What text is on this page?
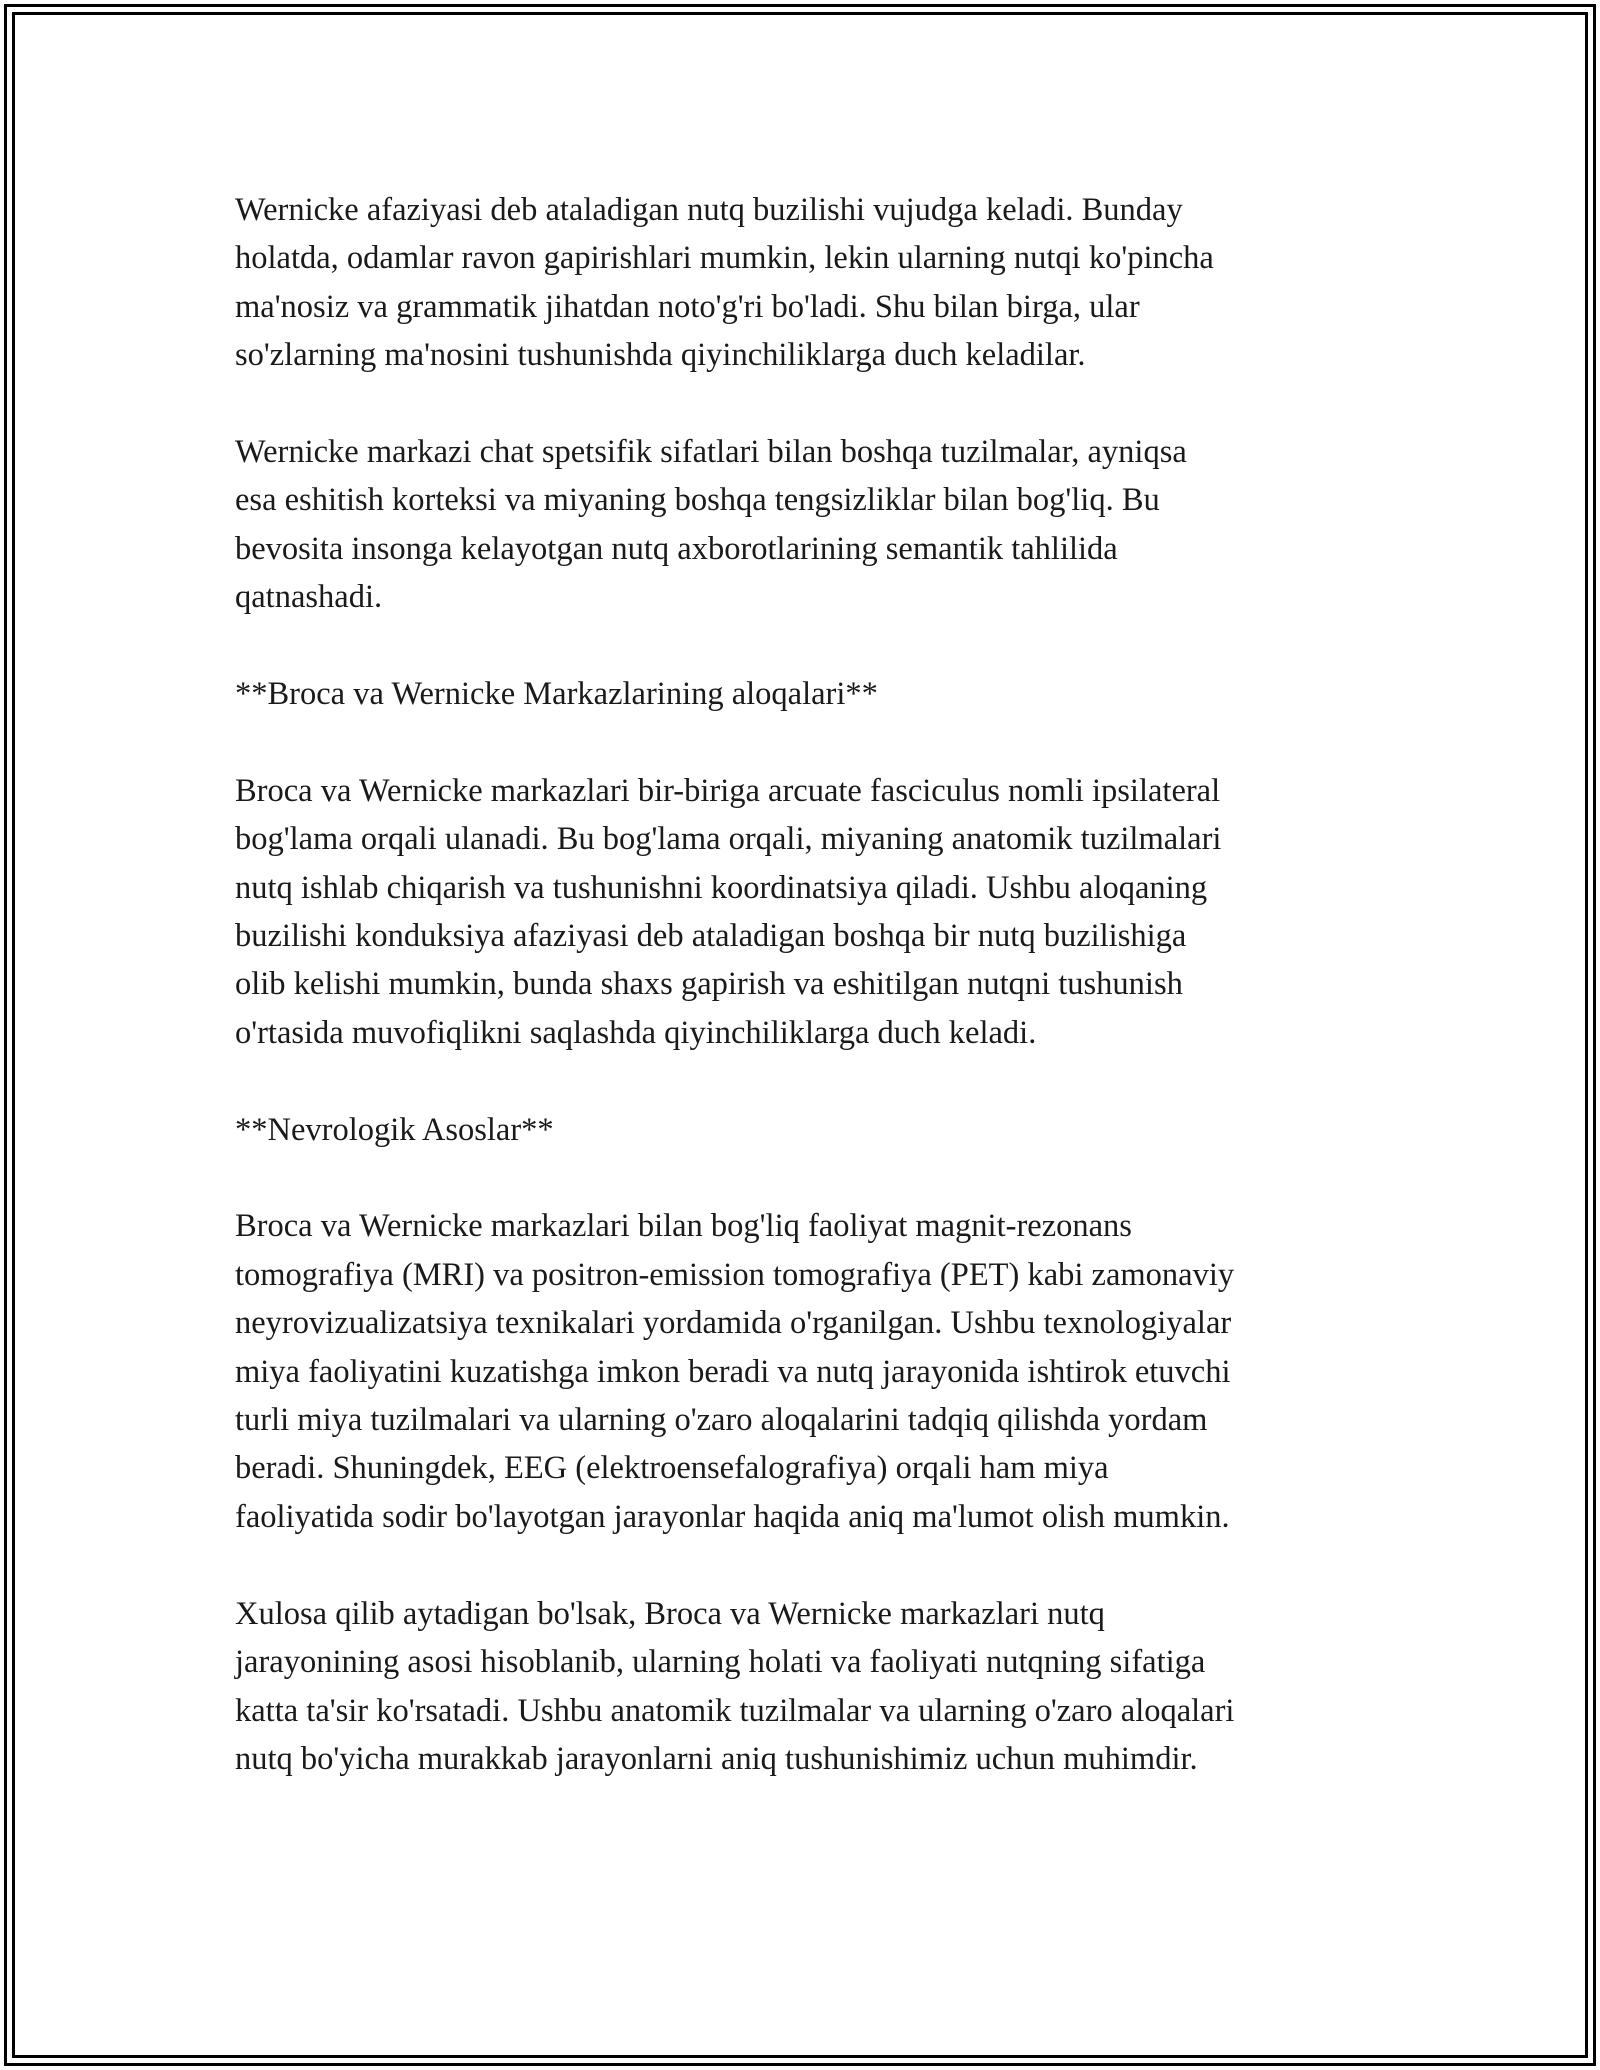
Wernicke afaziyasi deb ataladigan nutq buzilishi vujudga keladi. Bunday
holatda, odamlar ravon gapirishlari mumkin, lekin ularning nutqi ko'pincha
ma'nosiz va grammatik jihatdan noto'g'ri bo'ladi. Shu bilan birga, ular
so'zlarning ma'nosini tushunishda qiyinchiliklarga duch keladilar.

Wernicke markazi chat spetsifik sifatlari bilan boshqa tuzilmalar, ayniqsa
esa eshitish korteksi va miyaning boshqa tengsizliklar bilan bog'liq. Bu
bevosita insonga kelayotgan nutq axborotlarining semantik tahlilida
qatnashadi.

**Broca va Wernicke Markazlarining aloqalari**

Broca va Wernicke markazlari bir-biriga arcuate fasciculus nomli ipsilateral
bog'lama orqali ulanadi. Bu bog'lama orqali, miyaning anatomik tuzilmalari
nutq ishlab chiqarish va tushunishni koordinatsiya qiladi. Ushbu aloqaning
buzilishi konduksiya afaziyasi deb ataladigan boshqa bir nutq buzilishiga
olib kelishi mumkin, bunda shaxs gapirish va eshitilgan nutqni tushunish
o'rtasida muvofiqlikni saqlashda qiyinchiliklarga duch keladi.

**Nevrologik Asoslar**

Broca va Wernicke markazlari bilan bog'liq faoliyat magnit-rezonans
tomografiya (MRI) va positron-emission tomografiya (PET) kabi zamonaviy
neyrovizualizatsiya texnikalari yordamida o'rganilgan. Ushbu texnologiyalar
miya faoliyatini kuzatishga imkon beradi va nutq jarayonida ishtirok etuvchi
turli miya tuzilmalari va ularning o'zaro aloqalarini tadqiq qilishda yordam
beradi. Shuningdek, EEG (elektroensefalografiya) orqali ham miya
faoliyatida sodir bo'layotgan jarayonlar haqida aniq ma'lumot olish mumkin.

Xulosa qilib aytadigan bo'lsak, Broca va Wernicke markazlari nutq
jarayonining asosi hisoblanib, ularning holati va faoliyati nutqning sifatiga
katta ta'sir ko'rsatadi. Ushbu anatomik tuzilmalar va ularning o'zaro aloqalari
nutq bo'yicha murakkab jarayonlarni aniq tushunishimiz uchun muhimdir.
